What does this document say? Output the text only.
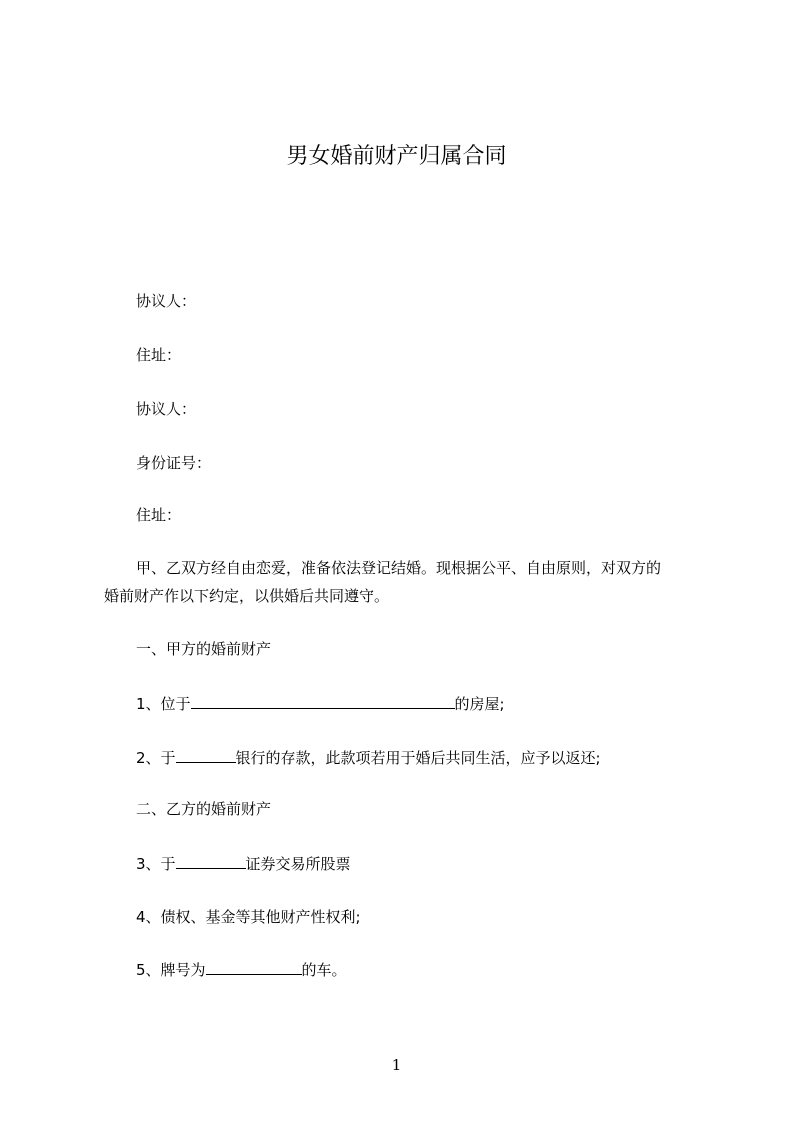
男女婚前财产归属合同
协议人：
住址：
协议人：
身份证号：
住址：
甲、乙双方经自由恋爱，准备依法登记结婚。现根据公平、自由原则，对双方的
婚前财产作以下约定，以供婚后共同遵守。
一、甲方的婚前财产
1、位于	的房屋;
2、于	银行的存款，此款项若用于婚后共同生活，应予以返还;
二、乙方的婚前财产
3、于	证券交易所股票
4、债权、基金等其他财产性权利;
5、牌号为	的车。
1
